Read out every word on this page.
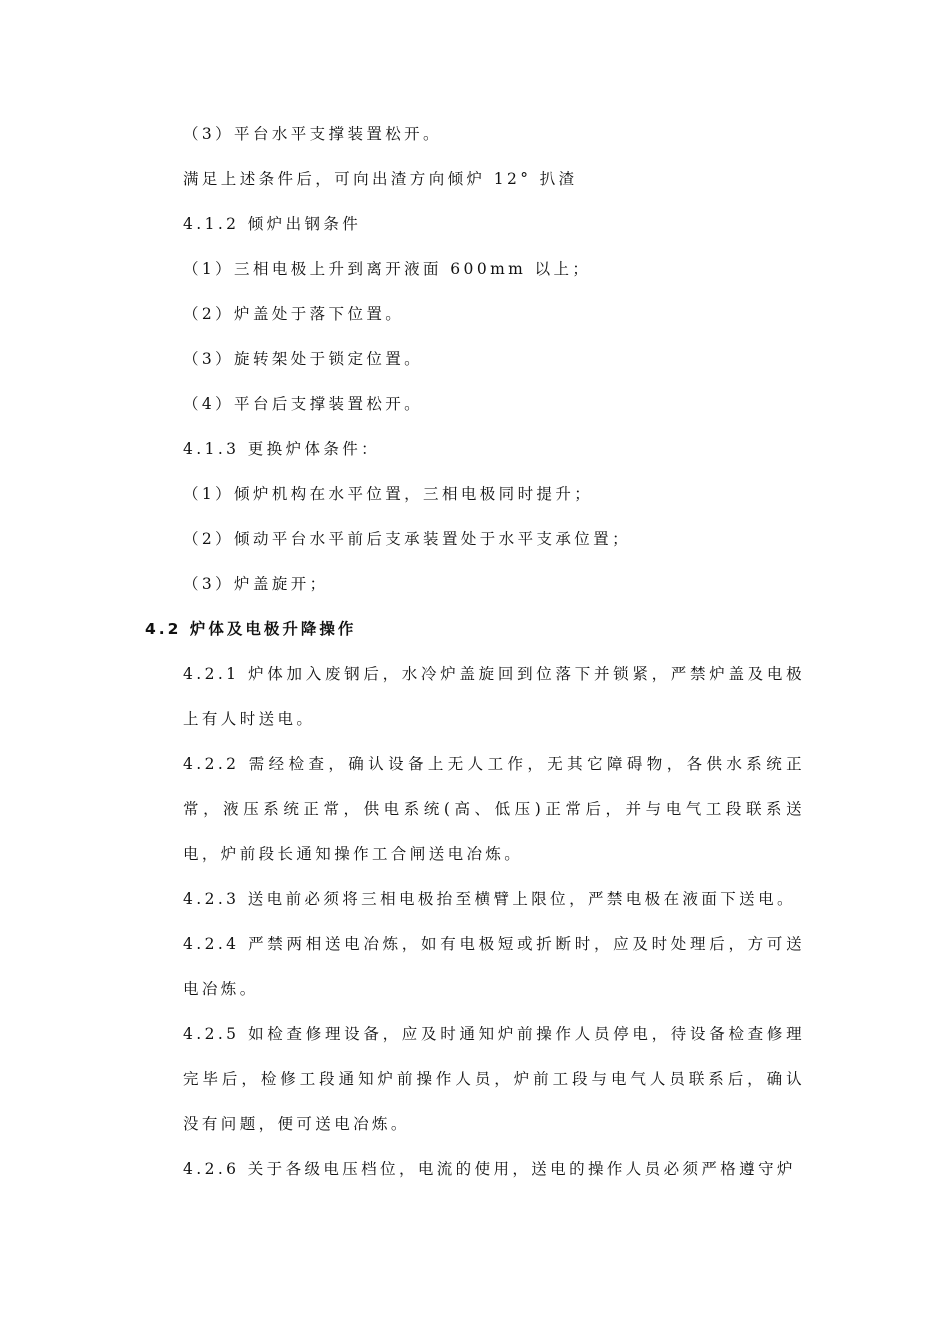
（3）平台水平支撑装置松开。

满足上述条件后，可向出渣方向倾炉 12° 扒渣

4.1.2 倾炉出钢条件

（1）三相电极上升到离开液面 600mm 以上；

（2）炉盖处于落下位置。

（3）旋转架处于锁定位置。

（4）平台后支撑装置松开。

4.1.3 更换炉体条件：

（1）倾炉机构在水平位置，三相电极同时提升；

（2）倾动平台水平前后支承装置处于水平支承位置；

（3）炉盖旋开；

4.2 炉体及电极升降操作

4.2.1 炉体加入废钢后，水冷炉盖旋回到位落下并锁紧，严禁炉盖及电极上有人时送电。

4.2.2 需经检查，确认设备上无人工作，无其它障碍物，各供水系统正常，液压系统正常，供电系统(高、低压)正常后，并与电气工段联系送电，炉前段长通知操作工合闸送电冶炼。

4.2.3 送电前必须将三相电极抬至横臂上限位，严禁电极在液面下送电。

4.2.4 严禁两相送电冶炼，如有电极短或折断时，应及时处理后，方可送电冶炼。

4.2.5 如检查修理设备，应及时通知炉前操作人员停电，待设备检查修理完毕后，检修工段通知炉前操作人员，炉前工段与电气人员联系后，确认没有问题，便可送电冶炼。

4.2.6 关于各级电压档位，电流的使用，送电的操作人员必须严格遵守炉
